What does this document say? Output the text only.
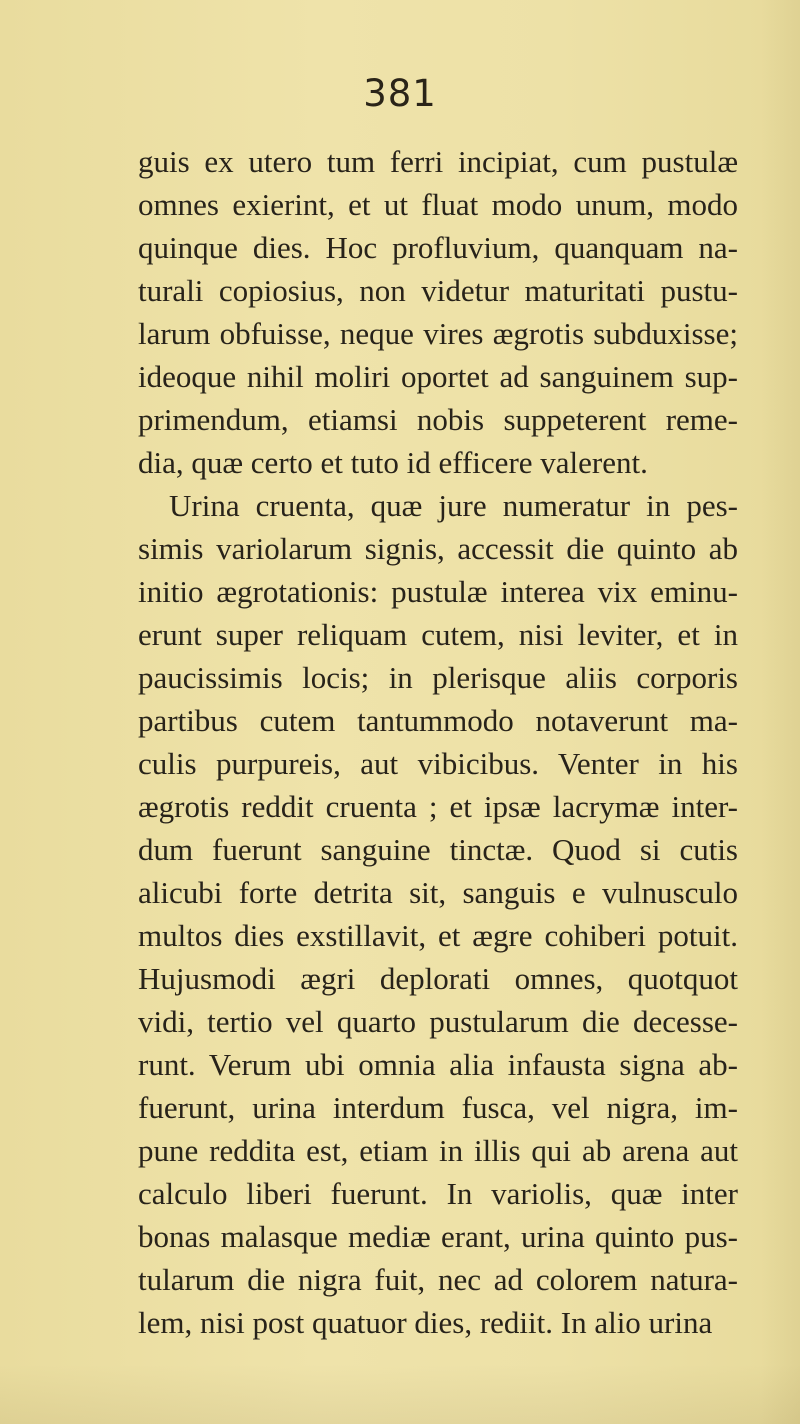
381
guis ex utero tum ferri incipiat, cum pustulæ
omnes exierint, et ut fluat modo unum, modo
quinque dies. Hoc profluvium, quanquam na-
turali copiosius, non videtur maturitati pustu-
larum obfuisse, neque vires ægrotis subduxisse;
ideoque nihil moliri oportet ad sanguinem sup-
primendum, etiamsi nobis suppeterent reme-
dia, quæ certo et tuto id efficere valerent.
Urina cruenta, quæ jure numeratur in pes-
simis variolarum signis, accessit die quinto ab
initio ægrotationis: pustulæ interea vix eminu-
erunt super reliquam cutem, nisi leviter, et in
paucissimis locis; in plerisque aliis corporis
partibus cutem tantummodo notaverunt ma-
culis purpureis, aut vibicibus. Venter in his
ægrotis reddit cruenta ; et ipsæ lacrymæ inter-
dum fuerunt sanguine tinctæ. Quod si cutis
alicubi forte detrita sit, sanguis e vulnusculo
multos dies exstillavit, et ægre cohiberi potuit.
Hujusmodi ægri deplorati omnes, quotquot
vidi, tertio vel quarto pustularum die decesse-
runt. Verum ubi omnia alia infausta signa ab-
fuerunt, urina interdum fusca, vel nigra, im-
pune reddita est, etiam in illis qui ab arena aut
calculo liberi fuerunt. In variolis, quæ inter
bonas malasque mediæ erant, urina quinto pus-
tularum die nigra fuit, nec ad colorem natura-
lem, nisi post quatuor dies, rediit. In alio urina
